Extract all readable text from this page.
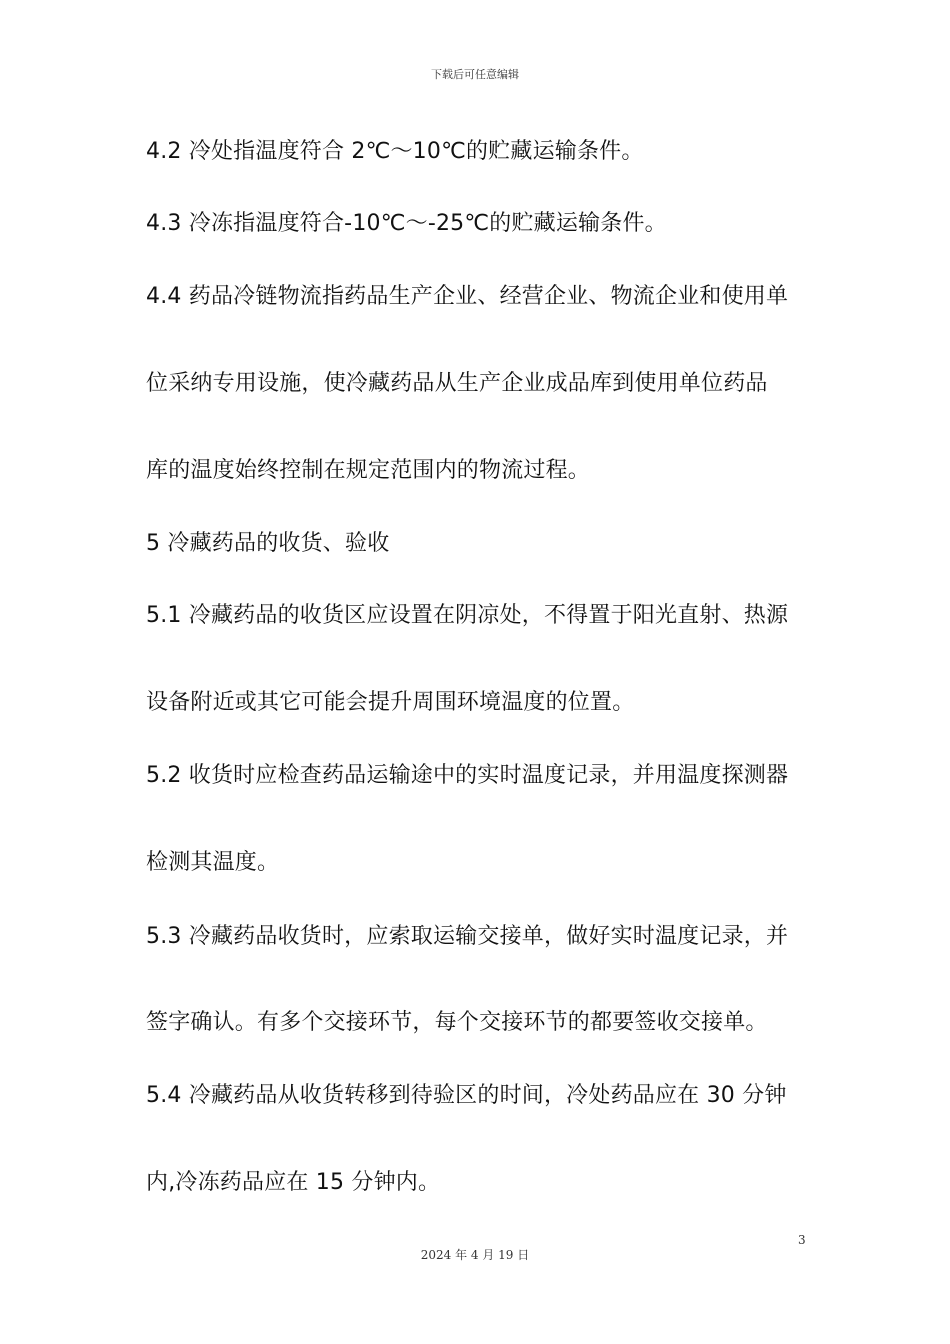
下载后可任意编辑
4.2 冷处指温度符合 2℃～10℃的贮藏运输条件。
4.3 冷冻指温度符合-10℃～-25℃的贮藏运输条件。
4.4 药品冷链物流指药品生产企业、经营企业、物流企业和使用单
位采纳专用设施，使冷藏药品从生产企业成品库到使用单位药品
库的温度始终控制在规定范围内的物流过程。
5 冷藏药品的收货、验收
5.1 冷藏药品的收货区应设置在阴凉处，不得置于阳光直射、热源
设备附近或其它可能会提升周围环境温度的位置。
5.2 收货时应检查药品运输途中的实时温度记录，并用温度探测器
检测其温度。
5.3 冷藏药品收货时，应索取运输交接单，做好实时温度记录，并
签字确认。有多个交接环节，每个交接环节的都要签收交接单。
5.4 冷藏药品从收货转移到待验区的时间，冷处药品应在 30 分钟
内,冷冻药品应在 15 分钟内。
3
2024 年 4 月 19 日
